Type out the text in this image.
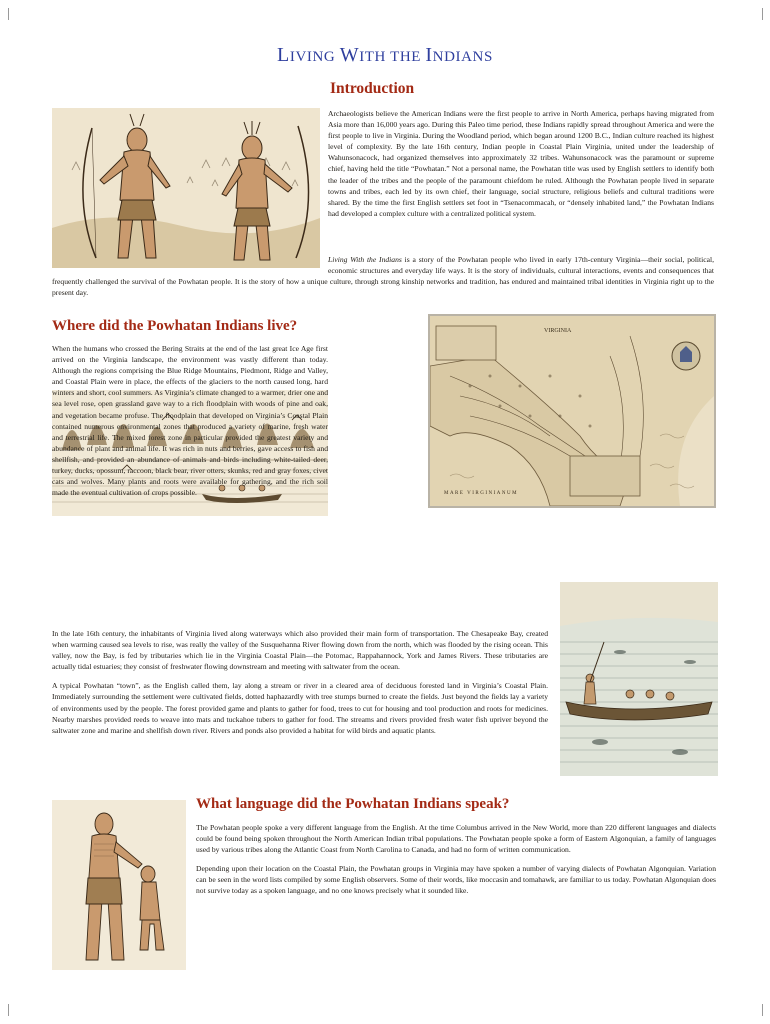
LIVING WITH THE INDIANS
Introduction

Archaeologists believe the American Indians were the first people to arrive in North America, perhaps having migrated from Asia more than 16,000 years ago. During this Paleo time period, these Indians rapidly spread throughout America and were the first people to live in Virginia. During the Woodland period, which began around 1200 B.C., Indian culture reached its highest level of complexity. By the late 16th century, Indian people in Coastal Plain Virginia, united under the leadership of Wahunsonacock, had organized themselves into approximately 32 tribes. Wahunsonacock was the paramount or supreme chief, having held the title “Powhatan.” Not a personal name, the Powhatan title was used by English settlers to identify both the leader of the tribes and the people of the paramount chiefdom he ruled. Although the Powhatan people lived in separate towns and tribes, each led by its own chief, their language, social structure, religious beliefs and cultural traditions were shared. By the time the first English settlers set foot in “Tsenacommacah, or “densely inhabited land,” the Powhatan Indians had developed a complex culture with a centralized political system.

Living With the Indians is a story of the Powhatan people who lived in early 17th-century Virginia—their social, political, economic structures and everyday life ways. It is the story of individuals, cultural interactions, events and consequences that frequently challenged the survival of the Powhatan people. It is the story of how a unique culture, through strong kinship networks and tradition, has endured and maintained tribal identities in Virginia right up to the present day.

Where did the Powhatan Indians live?	VIRGINIA
MARE VIRGINIANUM

When the humans who crossed the Bering Straits at the end of the last great Ice Age first arrived on the Virginia landscape, the environment was vastly different than today. Although the regions comprising the Blue Ridge Mountains, Piedmont, Ridge and Valley, and Coastal Plain were in place, the effects of the glaciers to the north caused long, hard winters and short, cool summers. As Virginia’s climate changed to a warmer, drier one and sea level rose, open grassland gave way to a rich floodplain with woods of pine and oak, and vegetation became profuse. The floodplain that developed on Virginia’s Coastal Plain contained numerous environmental zones that produced a variety of marine, fresh water and terrestrial life. The mixed forest zone in particular provided the greatest variety and abundance of plant and animal life. It was rich in nuts and berries, gave access to fish and shellfish, and provided an abundance of animals and birds including white-tailed deer, turkey, ducks, opossum, raccoon, black bear, river otters, skunks, red and gray foxes, civet cats and wolves. Many plants and roots were available for gathering, and the rich soil made the eventual cultivation of crops possible.

In the late 16th century, the inhabitants of Virginia lived along waterways which also provided their main form of transportation. The Chesapeake Bay, created when warming caused sea levels to rise, was really the valley of the Susquehanna River flowing down from the north, which was flooded by the rising ocean. This valley, now the Bay, is fed by tributaries which lie in the Virginia Coastal Plain—the Potomac, Rappahannock, York and James Rivers. These tributaries are actually tidal estuaries; they consist of freshwater flowing downstream and meeting with saltwater from the ocean.

A typical Powhatan “town”, as the English called them, lay along a stream or river in a cleared area of deciduous forested land in Virginia’s Coastal Plain. Immediately surrounding the settlement were cultivated fields, dotted haphazardly with tree stumps burned to create the fields. Just beyond the fields lay a variety of environments used by the people. The forest provided game and plants to gather for food, trees to cut for housing and tool production and roots for medicines. Nearby marshes provided reeds to weave into mats and tuckahoe tubers to gather for food. The streams and rivers provided fresh water fish upriver beyond the saltwater zone and marine and shellfish down river. Rivers and ponds also provided a habitat for wild birds and aquatic plants.

What language did the Powhatan Indians speak?

The Powhatan people spoke a very different language from the English. At the time Columbus arrived in the New World, more than 220 different languages and dialects could be found being spoken throughout the North American Indian tribal populations. The Powhatan people spoke a form of Eastern Algonquian, a family of languages used by various tribes along the Atlantic Coast from North Carolina to Canada, and had no form of written communication.

Depending upon their location on the Coastal Plain, the Powhatan groups in Virginia may have spoken a number of varying dialects of Powhatan Algonquian. Variation can be seen in the word lists compiled by some English observers. Some of their words, like moccasin and tomahawk, are familiar to us today. Powhatan Algonquian does not survive today as a spoken language, and no one knows precisely what it sounded like.
